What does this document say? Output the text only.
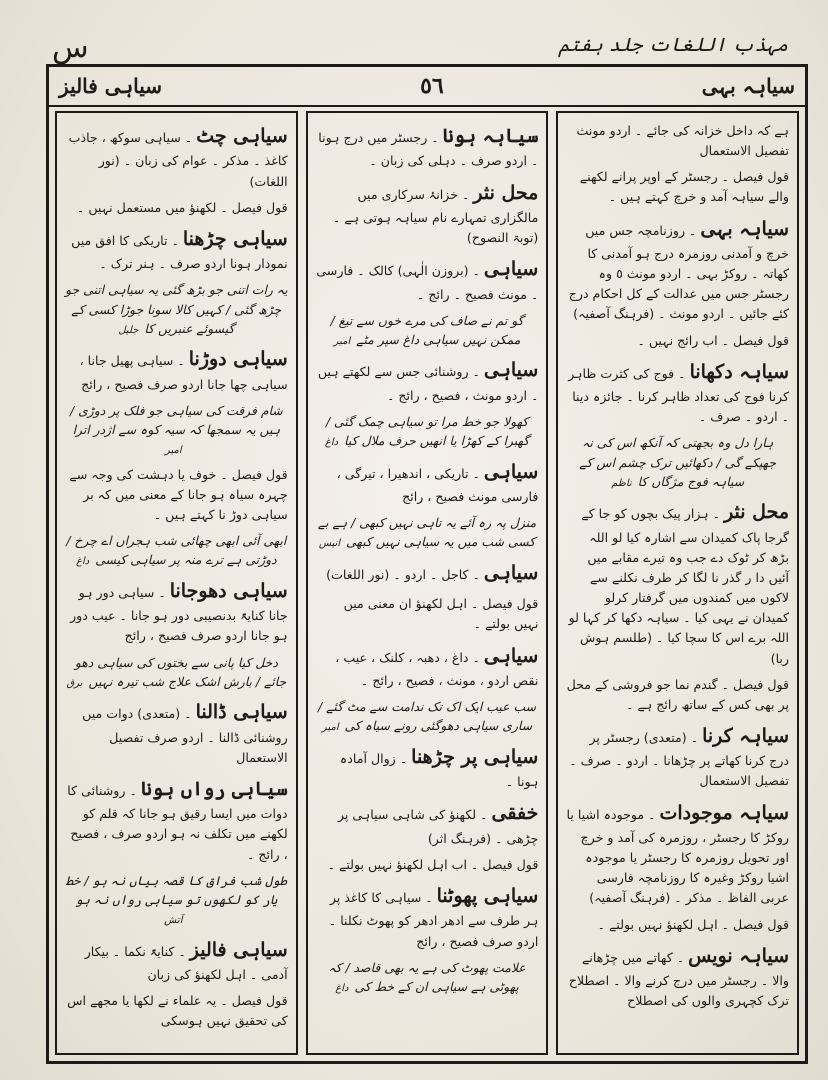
س	مہذب اللغات جلد ہفتم
سیاہی فالیز	٥٦	سیاہہ بہی
سیاہی چٹ۔ سیاہی سوکھ ، جاذب کاغذ ۔ مذکر ۔ عوام کی زبان ۔ (نور اللغات)
قول فیصل ۔ لکھنؤ میں مستعمل نہیں ۔
سیاہی چڑھنا۔ تاریکی کا افق میں نمودار ہونا اردو صرف ۔ ہنر ترک ۔
یہ رات اتنی جو بڑھ گئی یہ سیاہی اتنی جو چڑھ گئی / کہیں کالا سونا جوڑا کسی کے گیسوئے عنبریں کاجلیل
سیاہی دوڑنا۔ سیاہی پھیل جانا ، سیاہی چھا جانا اردو صرف فصیح ، رائج
شام فرقت کی سیاہی جو فلک پر دوڑی / ہیں یہ سمجھا کہ سیہ کوہ سے اژدر اتراامیر
قول فیصل ۔ خوف یا دہشت کی وجہ سے چہرہ سیاہ ہو جانا کے معنی میں کہ بر سیاہی دوڑ نا کہتے ہیں ۔
ابھی آئی ابھی چھائی شب ہجراں اے چرخ / دوڑتی ہے ترے منہ پر سیاہی کیسیداغ
سیاہی دھوجانا۔ سیاہی دور ہو جانا کنایۃً بدنصیبی دور ہو جانا ۔ عیب دور ہو جانا اردو صرف فصیح ، رائج
دخل کیا پانی سے بختوں کی سیاہی دھو جائے / بارش اشک علاج شب تیرہ نہیںبرق
سیاہی ڈالنا۔ (متعدی) دوات میں روشنائی ڈالنا ۔ اردو صرف تفصیل الاستعمال
سیاہی رواں ہونا۔ روشنائی کا دوات میں ایسا رقیق ہو جانا کہ قلم کو لکھنے میں تکلف نہ ہو اردو صرف ، فصیح ، رائج ۔
طول شب فراق کا قصہ بیاں نہ ہو / خط یار کو لکھوں تو سیاہی رواں نہ ہوآتش
سیاہی فالیز۔ کنایۃً نکما ۔ بیکار آدمی ۔ اہل لکھنؤ کی زبان
قول فیصل ۔ یہ علماء نے لکھا یا مجھے اس کی تحقیق نہیں ہوسکی
سیاہہ ہونا۔ رجسٹر میں درج ہونا ۔ اردو صرف ۔ دہلی کی زبان ۔
محل نثر۔ خزانۂ سرکاری میں مالگزاری تمہارے نام سیاہہ ہوتی ہے ۔ (توبۃ النصوح)
سیاہی۔ (بروزن الٰہی) کالک ۔ فارسی ۔ مونث فصیح ۔ رائج ۔
گو تم نے صاف کی مرے خوں سے تیغ / ممکن نہیں سیاہی داغ سپر مٹےامیر
سیاہی۔ روشنائی جس سے لکھتے ہیں ۔ اردو مونث ، فصیح ، رائج ۔
کھولا جو خط مرا تو سیاہی چمک گئی / گھبرا کے کھڑا یا انھیں حرف ملال کیاداغ
سیاہی۔ تاریکی ، اندھیرا ، تیرگی ، فارسی مونث فصیح ، رائج
منزل پہ رہ آئے یہ تاہی نہیں کبھی / ہے بے کسی شب میں یہ سیاہی نہیں کبھیانیس
سیاہی۔ کاجل ۔ اردو ۔ (نور اللغات)
قول فیصل ۔ اہل لکھنؤ ان معنی میں نہیں بولتے ۔
سیاہی۔ داغ ، دھبہ ، کلنک ، عیب ، نقص اردو ، مونث ، فصیح ، رائج ۔
سب عیب ایک اک تک ندامت سے مٹ گئے / ساری سیاہی دھوگئی رونے سیاہ کیامیر
سیاہی پر چڑھنا۔ زوال آمادہ ہونا ۔
خفقی۔ لکھنؤ کی شاہی سیاہی پر چڑھی ۔ (فرہنگ اثر)
قول فیصل ۔ اب اہل لکھنؤ نہیں بولتے ۔
سیاہی پھوٹنا۔ سیاہی کا کاغذ پر ہر طرف سے ادھر ادھر کو پھوٹ نکلنا ۔ اردو صرف فصیح ، رائج
علامت پھوٹ کی ہے یہ بھی قاصد / کہ پھوٹی ہے سیاہی ان کے خط کیداغ
ہے کہ داخل خزانہ کی جائے ۔ اردو مونث تفصیل الاستعمال
قول فیصل ۔ رجسٹر کے اوپر پرانے لکھنے والے سیاہہ آمد و خرچ کہتے ہیں ۔
سیاہہ بہی۔ روزنامچہ جس میں خرچ و آمدنی روزمرہ درج ہو آمدنی کا کھاتہ ۔ روکڑ بہی ۔ اردو مونث ٥ وہ رجسٹر جس میں عدالت کے کل احکام درج کئے جائیں ۔ اردو مونث ۔ (فرہنگ آصفیہ)
قول فیصل ۔ اب رائج نہیں ۔
سیاہہ دکھانا۔ فوج کی کثرت ظاہر کرنا فوج کی تعداد ظاہر کرنا ۔ جائزہ دینا ۔ اردو ۔ صرف ۔
ہارا دل وہ بجھتی کہ آنکھ اس کی نہ جھپکے گی / دکھائیں ترک چشم اس کے سیاہہ فوج مژگاں کاناظم
محل نثر۔ ہزار پیک بچوں کو جا کے گرجا پاک کمیدان سے اشارہ کیا لو اللہ بڑھ کر ٹوک دے جب وہ تیرے مقابے میں آئیں دا ر گذر نا لگا کر طرف نکلنے سے لاکوں میں کمندوں میں گرفتار کرلو کمیدان نے یہی کیا ۔ سیاہہ دکھا کر کہا لو اللہ برے اس کا سچا کیا ۔ (طلسم ہوش ربا)
قول فیصل ۔ گندم نما جو فروشی کے محل پر بھی کس کے ساتھ رائج ہے ۔
سیاہہ کرنا۔ (متعدی) رجسٹر پر درج کرنا کھاتے پر چڑھانا ۔ اردو ۔ صرف ۔ تفصیل الاستعمال
سیاہہ موجودات۔ موجودہ اشیا یا روکڑ کا رجسٹر ، روزمرہ کی آمد و خرچ اور تحویل روزمرہ کا رجسٹر یا موجودہ اشیا روکڑ وغیرہ کا روزنامچہ فارسی عربی الفاظ ۔ مذکر ۔ (فرہنگ آصفیہ)
قول فیصل ۔ اہل لکھنؤ نہیں بولتے ۔
سیاہہ نویس۔ کھاتے میں چڑھانے والا ۔ رجسٹر میں درج کرنے والا ۔ اصطلاح ترک کچہری والوں کی اصطلاح
